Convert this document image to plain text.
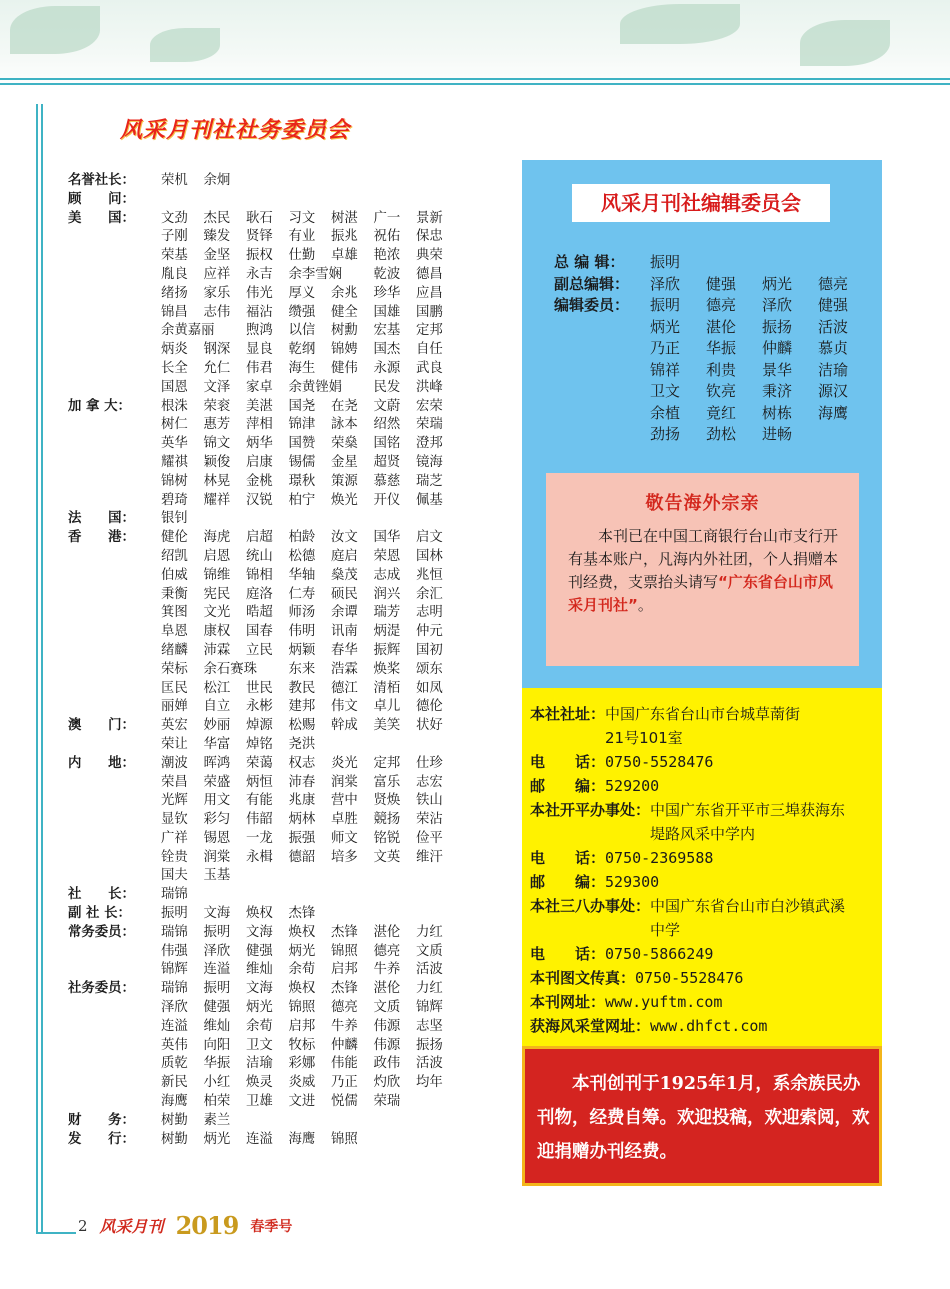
风采月刊社社务委员会
名誉社长：	荣机	余炯
顾　　问：
美　　国：	文劲	杰民	耿石	习文	树湛	广一	景新
子刚	臻发	贤铎	有业	振兆	祝佑	保忠
荣基	金坚	振权	仕勤	卓雄	艳浓	典荣
胤良	应祥	永吉	余李雪娴	乾波	德昌
绪扬	家乐	伟光	厚义	余兆	珍华	应昌
锦昌	志伟	福沾	缵强	健全	国雄	国鹏
余黄嘉丽	煦鸿	以信	树勳	宏基	定邦
炳炎	钢深	显良	乾纲	锦娉	国杰	自任
长全	允仁	伟君	海生	健伟	永源	武良
国恩	文泽	家卓	余黄锉娟	民发	洪峰
加 拿 大：	根洙	荣衮	美湛	国尧	在尧	文蔚	宏荣
树仁	惠芳	萍相	锦津	詠本	绍然	荣瑞
英华	锦文	炳华	国赞	荣燊	国铭	澄邦
耀祺	颖俊	启康	锡儒	金星	超贤	镜海
锦树	林晃	金桃	璟秋	策源	慕慈	瑞芝
碧琦	耀祥	汉锐	柏宁	焕光	开仪	佩基
法　　国：	银钊
香　　港：	健伦	海虎	启超	柏龄	汝文	国华	启文
绍凯	启恩	统山	松德	庭启	荣恩	国林
伯威	锦维	锦相	华轴	燊茂	志成	兆恒
秉衡	宪民	庭洛	仁寿	硕民	润兴	余汇
箕图	文光	晧超	师汤	余谭	瑞芳	志明
阜恩	康权	国春	伟明	讯南	炳湜	仲元
绪麟	沛霖	立民	炳颖	春华	振辉	国初
荣标	余石赛珠	东来	浩霖	焕桨	颂东
匡民	松江	世民	教民	德江	清栢	如凤
丽婵	自立	永彬	建邦	伟文	卓儿	德伦
澳　　门：	英宏	妙丽	焯源	松赐	幹成	美笑	状好
荣让	华富	焯铭	尧洪
内　　地：	潮波	晖鸿	荣蔼	权志	炎光	定邦	仕珍
荣昌	荣盛	炳恒	沛春	润棠	富乐	志宏
光辉	用文	有能	兆康	营中	贤焕	铁山
显钦	彩匀	伟韶	炳林	卓胜	競扬	荣沾
广祥	锡恩	一龙	振强	师文	铭锐	俭平
铨贵	润棠	永楫	德韶	培多	文英	维汗
国夫	玉基
社　　长：	瑞锦
副 社 长：	振明	文海	焕权	杰锋
常务委员：	瑞锦	振明	文海	焕权	杰锋	湛伦	力红
伟强	泽欣	健强	炳光	锦照	德亮	文质
锦辉	连溢	维灿	余荀	启邦	牛养	活波
社务委员：	瑞锦	振明	文海	焕权	杰锋	湛伦	力红
泽欣	健强	炳光	锦照	德亮	文质	锦辉
连溢	维灿	余荀	启邦	牛养	伟源	志坚
英伟	向阳	卫文	牧标	仲麟	伟源	振扬
质乾	华振	洁瑜	彩娜	伟能	政伟	活波
新民	小红	焕灵	炎威	乃正	灼欣	均年
海鹰	柏荣	卫雄	文进	悦儒	荣瑞
财　　务：	树勤	素兰
发　　行：	树勤	炳光	连溢	海鹰	锦照
风采月刊社编辑委员会
总 编 辑：	振明
副总编辑：	泽欣	健强	炳光	德亮
编辑委员：	振明	德亮	泽欣	健强
炳光	湛伦	振扬	活波
乃正	华振	仲麟	慕贞
锦祥	利贵	景华	洁瑜
卫文	钦亮	秉济	源汉
余植	竟红	树栋	海鹰
劲扬	劲松	进畅
敬告海外宗亲
本刊已在中国工商银行台山市支行开有基本账户，凡海内外社团，个人捐赠本刊经费，支票抬头请写“广东省台山市风采月刊社”。
本社社址： 中国广东省台山市台城草萳街21号101室
电　　话： 0750-5528476
邮　　编： 529200
本社开平办事处： 中国广东省开平市三埠获海东堤路风采中学内
电　　话： 0750-2369588
邮　　编： 529300
本社三八办事处： 中国广东省台山市白沙镇武溪中学
电　　话： 0750-5866249
本刊图文传真： 0750-5528476
本刊网址： www.yuftm.com
获海风采堂网址： www.dhfct.com
本刊创刊于1925年1月，系余族民办刊物，经费自筹。欢迎投稿，欢迎索阅，欢迎捐赠办刊经费。
2 风采月刊 2019 春季号
